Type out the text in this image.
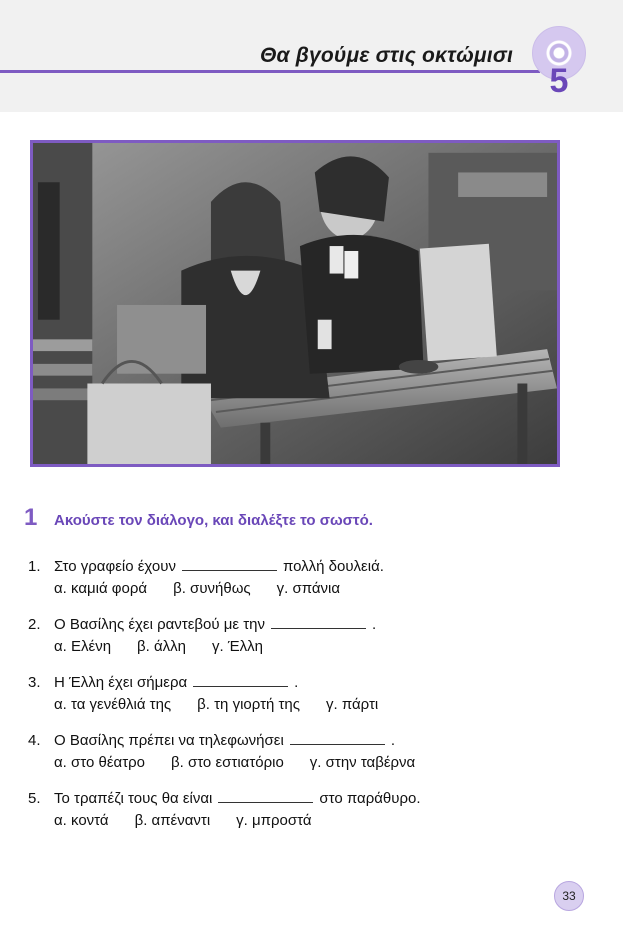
Θα βγούμε στις οκτώμισι
5
1 Ακούστε τον διάλογο, και διαλέξτε το σωστό.
1. Στο γραφείο έχουν	πολλή δουλειά.
α. καμιά φορά β. συνήθως γ. σπάνια
2. Ο Βασίλης έχει ραντεβού με την	.
α. Ελένη β. άλλη γ. Έλλη
3. Η Έλλη έχει σήμερα	.
α. τα γενέθλιά της β. τη γιορτή της γ. πάρτι
4. Ο Βασίλης πρέπει να τηλεφωνήσει	.
α. στο θέατρο β. στο εστιατόριο γ. στην ταβέρνα
5. Το τραπέζι τους θα είναι	στο παράθυρο.
α. κοντά β. απέναντι γ. μπροστά
33
